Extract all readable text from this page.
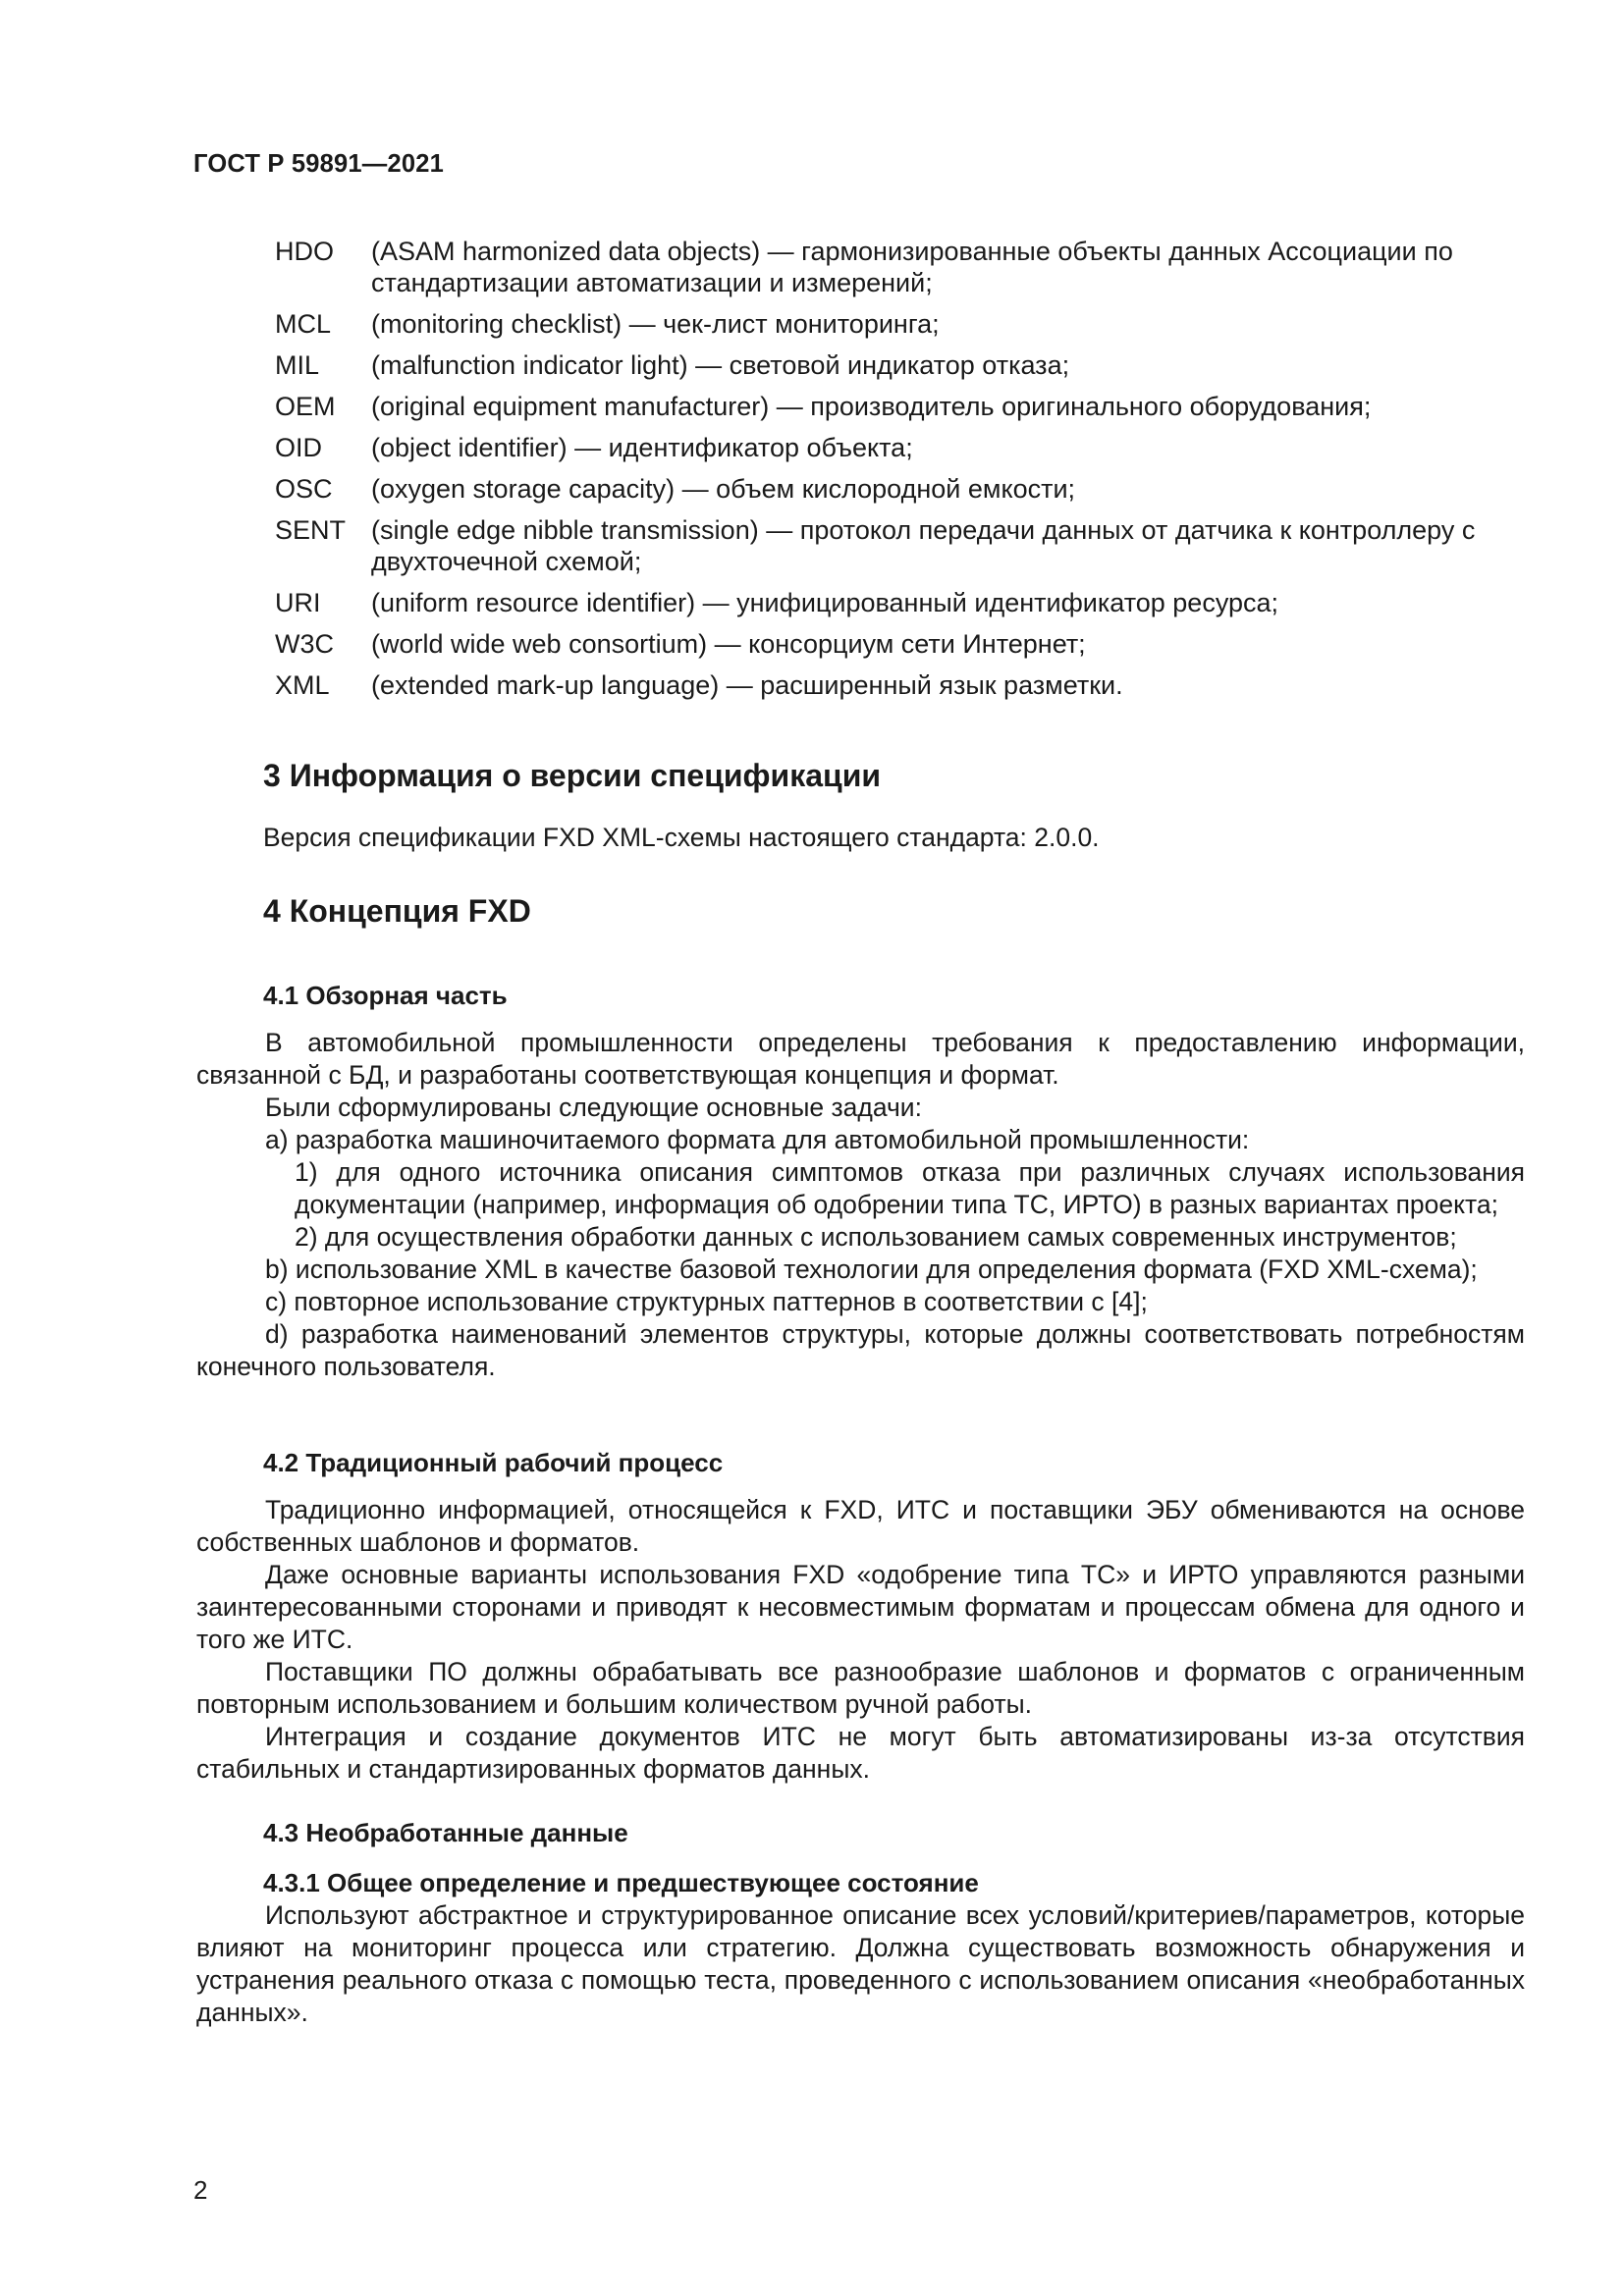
ГОСТ Р 59891—2021
HDO	(ASAM harmonized data objects) — гармонизированные объекты данных Ассоциации по стандартизации автоматизации и измерений;
MCL	(monitoring checklist) — чек-лист мониторинга;
MIL	(malfunction indicator light) — световой индикатор отказа;
OEM	(original equipment manufacturer) — производитель оригинального оборудования;
OID	(object identifier) — идентификатор объекта;
OSC	(oxygen storage capacity) — объем кислородной емкости;
SENT (single edge nibble transmission) — протокол передачи данных от датчика к контроллеру с двухточечной схемой;
URI	(uniform resource identifier) — унифицированный идентификатор ресурса;
W3C	(world wide web consortium) — консорциум сети Интернет;
XML	(extended mark-up language) — расширенный язык разметки.
3 Информация о версии спецификации
Версия спецификации FXD XML-схемы настоящего стандарта: 2.0.0.
4 Концепция FXD
4.1 Обзорная часть
В автомобильной промышленности определены требования к предоставлению информации, связанной с БД, и разработаны соответствующая концепция и формат.
Были сформулированы следующие основные задачи:
а) разработка машиночитаемого формата для автомобильной промышленности:
1) для одного источника описания симптомов отказа при различных случаях использования документации (например, информация об одобрении типа ТС, ИРТО) в разных вариантах проекта;
2) для осуществления обработки данных с использованием самых современных инструментов;
b) использование XML в качестве базовой технологии для определения формата (FXD XML-схема);
c) повторное использование структурных паттернов в соответствии с [4];
d) разработка наименований элементов структуры, которые должны соответствовать потребностям конечного пользователя.
4.2 Традиционный рабочий процесс
Традиционно информацией, относящейся к FXD, ИТС и поставщики ЭБУ обмениваются на основе собственных шаблонов и форматов.
Даже основные варианты использования FXD «одобрение типа ТС» и ИРТО управляются разными заинтересованными сторонами и приводят к несовместимым форматам и процессам обмена для одного и того же ИТС.
Поставщики ПО должны обрабатывать все разнообразие шаблонов и форматов с ограниченным повторным использованием и большим количеством ручной работы.
Интеграция и создание документов ИТС не могут быть автоматизированы из-за отсутствия стабильных и стандартизированных форматов данных.
4.3 Необработанные данные
4.3.1 Общее определение и предшествующее состояние
Используют абстрактное и структурированное описание всех условий/критериев/параметров, которые влияют на мониторинг процесса или стратегию. Должна существовать возможность обнаружения и устранения реального отказа с помощью теста, проведенного с использованием описания «необработанных данных».
2
